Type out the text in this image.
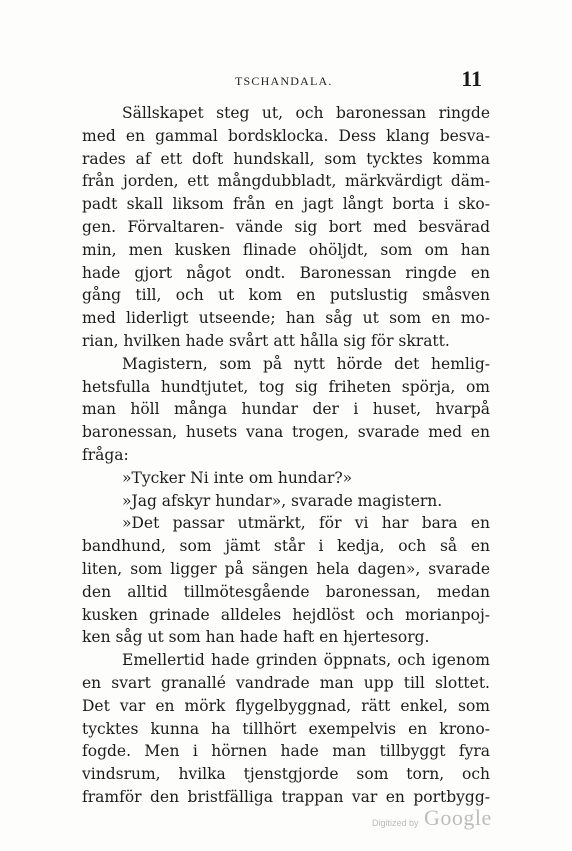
TSCHANDALA.	11
Sällskapet steg ut, och baronessan ringde
med en gammal bordsklocka. Dess klang besva-
rades af ett doft hundskall, som tycktes komma
från jorden, ett mångdubbladt, märkvärdigt däm-
padt skall liksom från en jagt långt borta i sko-
gen. Förvaltaren- vände sig bort med besvärad
min, men kusken flinade ohöljdt, som om han
hade gjort något ondt. Baronessan ringde en
gång till, och ut kom en putslustig småsven
med liderligt utseende; han såg ut som en mo-
rian, hvilken hade svårt att hålla sig för skratt.
Magistern, som på nytt hörde det hemlig-
hetsfulla hundtjutet, tog sig friheten spörja, om
man höll många hundar der i huset, hvarpå
baronessan, husets vana trogen, svarade med en
fråga:
»Tycker Ni inte om hundar?»
»Jag afskyr hundar», svarade magistern.
»Det passar utmärkt, för vi har bara en
bandhund, som jämt står i kedja, och så en
liten, som ligger på sängen hela dagen», svarade
den alltid tillmötesgående baronessan, medan
kusken grinade alldeles hejdlöst och morianpoj-
ken såg ut som han hade haft en hjertesorg.
Emellertid hade grinden öppnats, och igenom
en svart granallé vandrade man upp till slottet.
Det var en mörk flygelbyggnad, rätt enkel, som
tycktes kunna ha tillhört exempelvis en krono-
fogde. Men i hörnen hade man tillbyggt fyra
vindsrum, hvilka tjenstgjorde som torn, och
framför den bristfälliga trappan var en portbygg-
Digitized by Google
